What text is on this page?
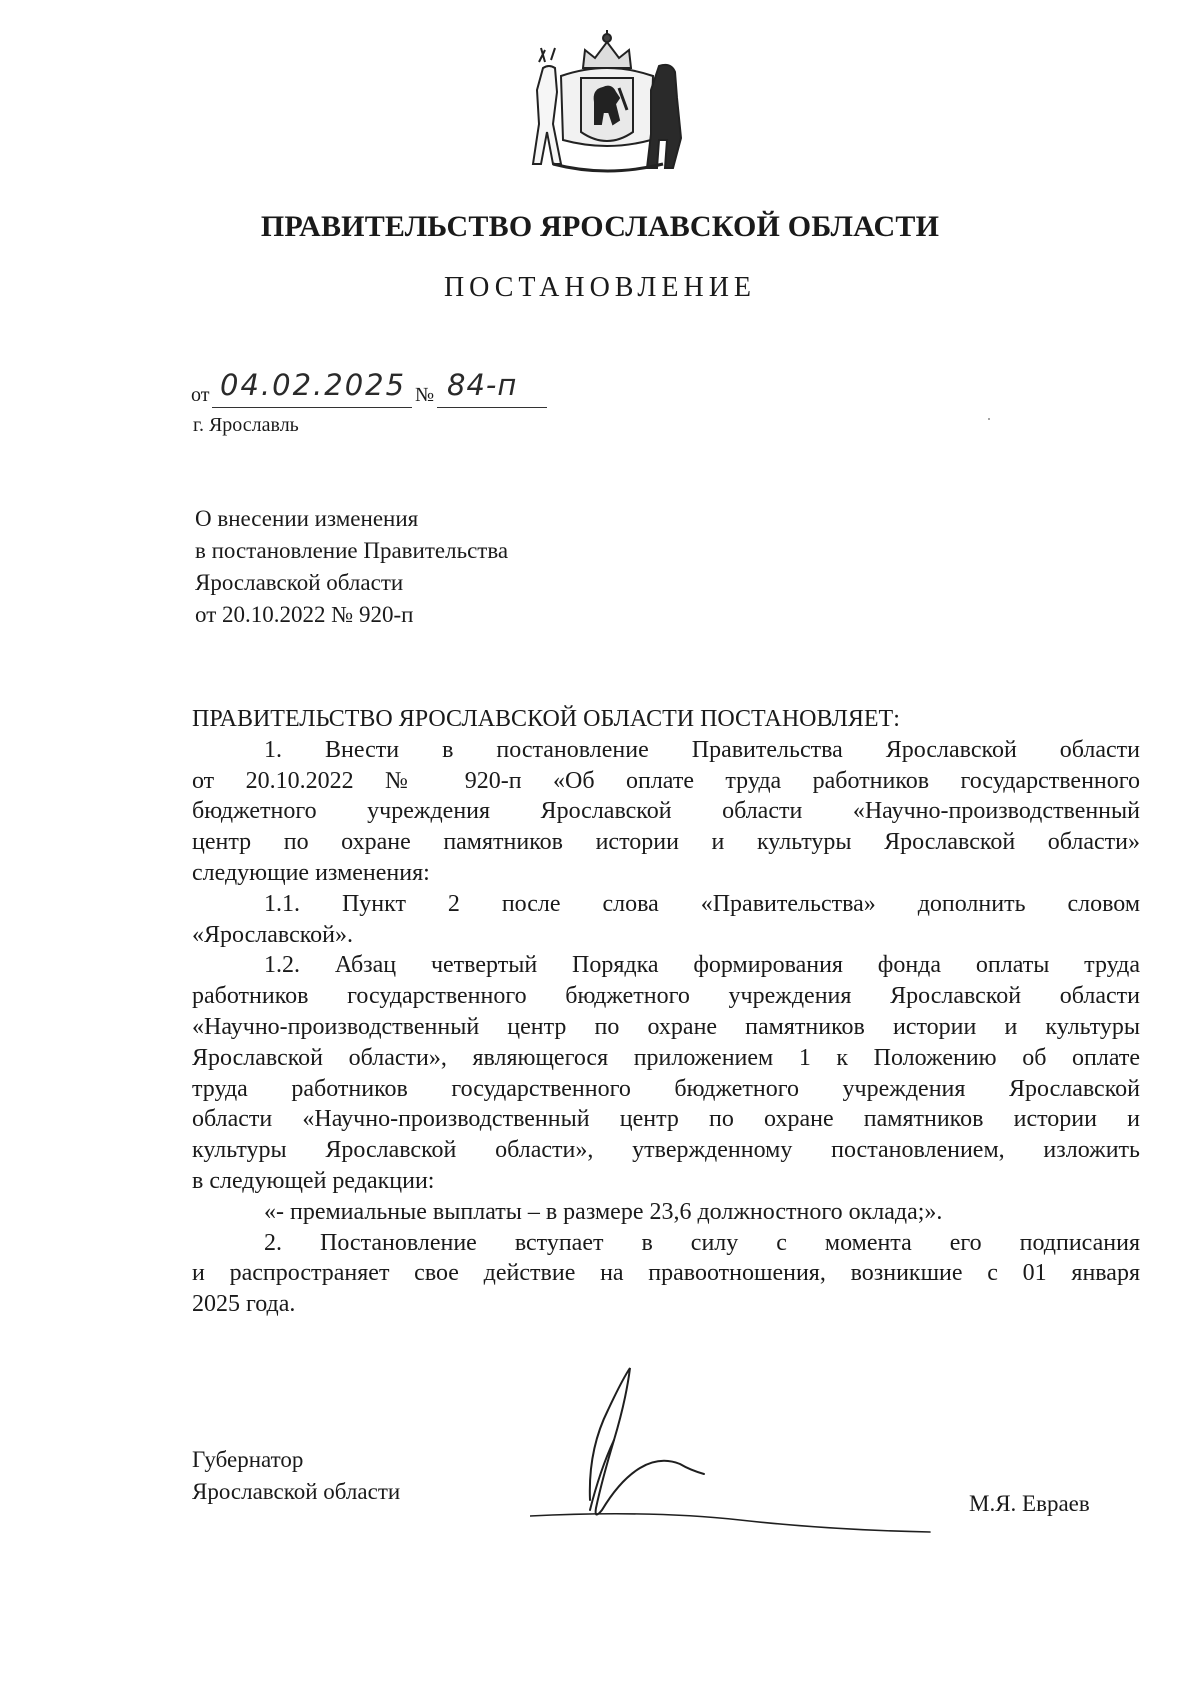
ПРАВИТЕЛЬСТВО ЯРОСЛАВСКОЙ ОБЛАСТИ
ПОСТАНОВЛЕНИЕ
от 04.02.2025 № 84-п
г. Ярославль
О внесении изменения
в постановление Правительства
Ярославской области
от 20.10.2022 № 920-п
ПРАВИТЕЛЬСТВО ЯРОСЛАВСКОЙ ОБЛАСТИ ПОСТАНОВЛЯЕТ:
1. Внести в постановление Правительства Ярославской области
от 20.10.2022 № 920-п «Об оплате труда работников государственного
бюджетного учреждения Ярославской области «Научно-производственный
центр по охране памятников истории и культуры Ярославской области»
следующие изменения:
1.1. Пункт 2 после слова «Правительства» дополнить словом
«Ярославской».
1.2. Абзац четвертый Порядка формирования фонда оплаты труда
работников государственного бюджетного учреждения Ярославской области
«Научно-производственный центр по охране памятников истории и культуры
Ярославской области», являющегося приложением 1 к Положению об оплате
труда работников государственного бюджетного учреждения Ярославской
области «Научно-производственный центр по охране памятников истории и
культуры Ярославской области», утвержденному постановлением, изложить
в следующей редакции:
«- премиальные выплаты – в размере 23,6 должностного оклада;».
2. Постановление вступает в силу с момента его подписания
и распространяет свое действие на правоотношения, возникшие с 01 января
2025 года.
Губернатор
Ярославской области	М.Я. Евраев
